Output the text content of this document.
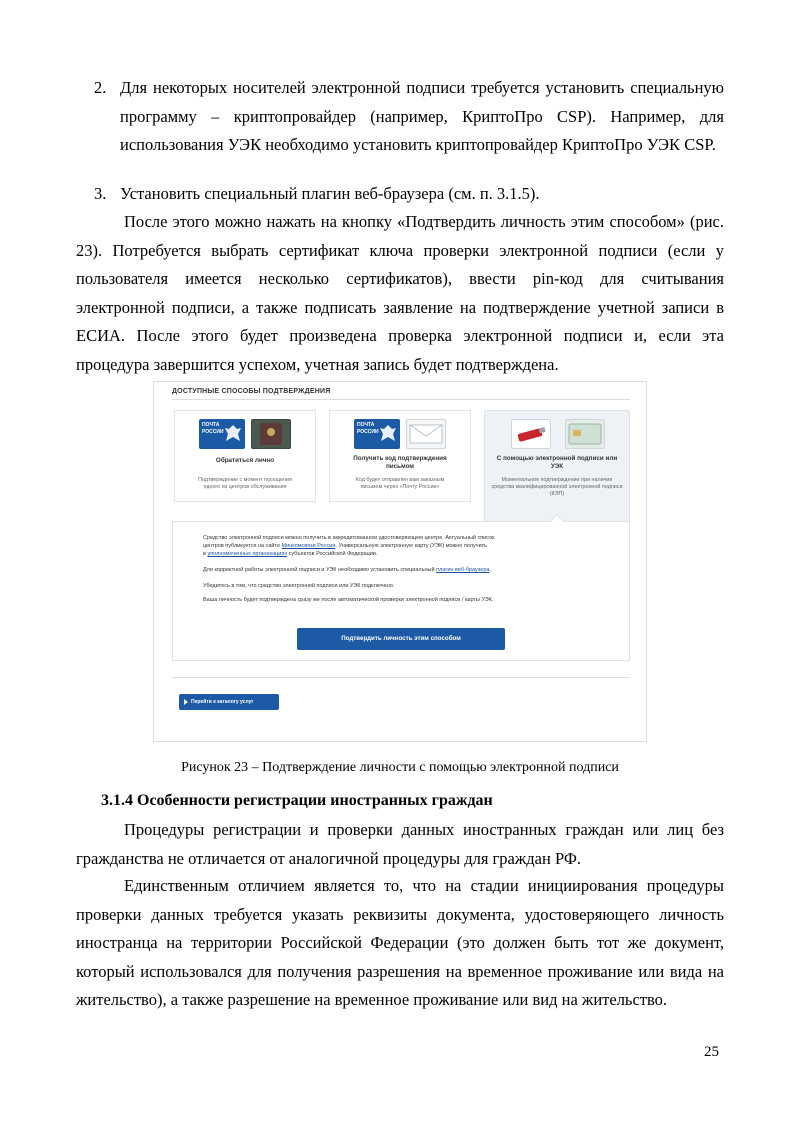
2. Для некоторых носителей электронной подписи требуется установить специальную программу – криптопровайдер (например, КриптоПро CSP). Например, для использования УЭК необходимо установить криптопровайдер КриптоПро УЭК CSP.
3. Установить специальный плагин веб-браузера (см. п. 3.1.5).
После этого можно нажать на кнопку «Подтвердить личность этим способом» (рис. 23). Потребуется выбрать сертификат ключа проверки электронной подписи (если у пользователя имеется несколько сертификатов), ввести pin-код для считывания электронной подписи, а также подписать заявление на подтверждение учетной записи в ЕСИА. После этого будет произведена проверка электронной подписи и, если эта процедура завершится успехом, учетная запись будет подтверждена.
ДОСТУПНЫЕ СПОСОБЫ ПОДТВЕРЖДЕНИЯ
ПОЧТА
РОССИИ
Обратиться лично
Подтверждение с момент посещения одного из центров обслуживания
ПОЧТА
РОССИИ
Получить код подтверждения письмом
Код будет отправлен вам заказным письмом через «Почту России»
С помощью электронной подписи или УЭК
Моментальное подтверждение при наличии средства квалифицированной электронной подписи (КЭП)
Средство электронной подписи можно получить в аккредитованном удостоверяющем центре. Актуальный список
центров публикуется на сайте Минкомсвязи России. Универсальную электронную карту (УЭК) можно получить
в уполномоченных организациях субъектов Российской Федерации.
Для корректной работы электронной подписи и УЭК необходимо установить специальный плагин веб-браузера.
Убедитесь в том, что средство электронной подписи или УЭК подключено.
Ваша личность будет подтверждена сразу же после автоматической проверки электронной подписи / карты УЭК.
Подтвердить личность этим способом
Перейти к каталогу услуг
Рисунок 23 – Подтверждение личности с помощью электронной подписи
3.1.4 Особенности регистрации иностранных граждан
Процедуры регистрации и проверки данных иностранных граждан или лиц без гражданства не отличается от аналогичной процедуры для граждан РФ.
Единственным отличием является то, что на стадии инициирования процедуры проверки данных требуется указать реквизиты документа, удостоверяющего личность иностранца на территории Российской Федерации (это должен быть тот же документ, который использовался для получения разрешения на временное проживание или вида на жительство), а также разрешение на временное проживание или вид на жительство.
25
